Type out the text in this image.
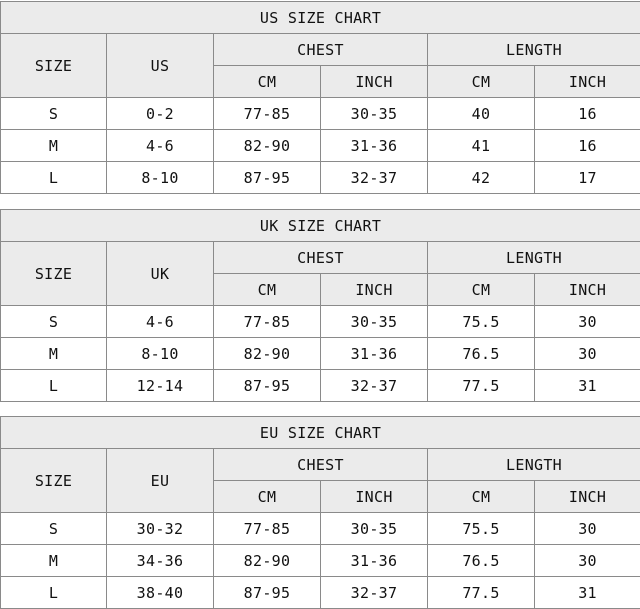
US SIZE CHART					
SIZE	US	CHEST		LENGTH	
		CM	INCH	CM	INCH
S	0-2	77-85	30-35	40	16
M	4-6	82-90	31-36	41	16
L	8-10	87-95	32-37	42	17
UK SIZE CHART					
SIZE	UK	CHEST		LENGTH	
		CM	INCH	CM	INCH
S	4-6	77-85	30-35	75.5	30
M	8-10	82-90	31-36	76.5	30
L	12-14	87-95	32-37	77.5	31
EU SIZE CHART					
SIZE	EU	CHEST		LENGTH	
		CM	INCH	CM	INCH
S	30-32	77-85	30-35	75.5	30
M	34-36	82-90	31-36	76.5	30
L	38-40	87-95	32-37	77.5	31
